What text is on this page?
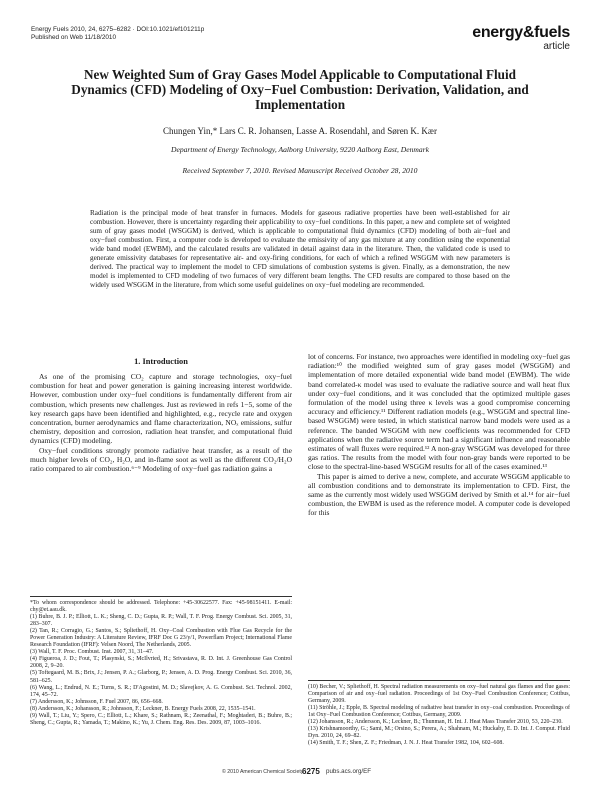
Energy Fuels 2010, 24, 6275–6282 · DOI:10.1021/ef101211p
Published on Web 11/18/2010	energy&fuels
article
New Weighted Sum of Gray Gases Model Applicable to Computational Fluid Dynamics (CFD) Modeling of Oxy−Fuel Combustion: Derivation, Validation, and Implementation
Chungen Yin,* Lars C. R. Johansen, Lasse A. Rosendahl, and Søren K. Kær
Department of Energy Technology, Aalborg University, 9220 Aalborg East, Denmark
Received September 7, 2010. Revised Manuscript Received October 28, 2010
Radiation is the principal mode of heat transfer in furnaces. Models for gaseous radiative properties have been well-established for air combustion. However, there is uncertainty regarding their applicability to oxy−fuel conditions. In this paper, a new and complete set of weighted sum of gray gases model (WSGGM) is derived, which is applicable to computational fluid dynamics (CFD) modeling of both air−fuel and oxy−fuel combustion. First, a computer code is developed to evaluate the emissivity of any gas mixture at any condition using the exponential wide band model (EWBM), and the calculated results are validated in detail against data in the literature. Then, the validated code is used to generate emissivity databases for representative air- and oxy-firing conditions, for each of which a refined WSGGM with new parameters is derived. The practical way to implement the model to CFD simulations of combustion systems is given. Finally, as a demonstration, the new model is implemented to CFD modeling of two furnaces of very different beam lengths. The CFD results are compared to those based on the widely used WSGGM in the literature, from which some useful guidelines on oxy−fuel modeling are recommended.
1. Introduction

As one of the promising CO₂ capture and storage technologies, oxy−fuel combustion for heat and power generation is gaining increasing interest worldwide. However, combustion under oxy−fuel conditions is fundamentally different from air combustion, which presents new challenges. Just as reviewed in refs 1−5, some of the key research gaps have been identified and highlighted, e.g., recycle rate and oxygen concentration, burner aerodynamics and flame characterization, NOₓ emissions, sulfur chemistry, deposition and corrosion, radiation heat transfer, and computational fluid dynamics (CFD) modeling.

Oxy−fuel conditions strongly promote radiative heat transfer, as a result of the much higher levels of CO₂, H₂O, and in-flame soot as well as the different CO₂/H₂O ratio compared to air combustion.⁶⁻⁹ Modeling of oxy−fuel gas radiation gains a

lot of concerns. For instance, two approaches were identified in modeling oxy−fuel gas radiation:¹⁰ the modified weighted sum of gray gases model (WSGGM) and implementation of more detailed exponential wide band model (EWBM). The wide band correlated-κ model was used to evaluate the radiative source and wall heat flux under oxy−fuel conditions, and it was concluded that the optimized multiple gases formulation of the model using three κ levels was a good compromise concerning accuracy and efficiency.¹¹ Different radiation models (e.g., WSGGM and spectral line-based WSGGM) were tested, in which statistical narrow band models were used as a reference. The banded WSGGM with new coefficients was recommended for CFD applications when the radiative source term had a significant influence and reasonable estimates of wall fluxes were required.¹² A non-gray WSGGM was developed for three gas ratios. The results from the model with four non-gray bands were reported to be close to the spectral-line-based WSGGM results for all of the cases examined.¹³

This paper is aimed to derive a new, complete, and accurate WSGGM applicable to all combustion conditions and to demonstrate its implementation to CFD. First, the same as the currently most widely used WSGGM derived by Smith et al.¹⁴ for air−fuel combustion, the EWBM is used as the reference model. A computer code is developed for this

*To whom correspondence should be addressed. Telephone: +45-30622577. Fax: +45-98151411. E-mail: chy@et.aau.dk.

(1) Buhre, B. J. P.; Elliott, L. K.; Sheng, C. D.; Gupta, R. P.; Wall, T. F. Prog. Energy Combust. Sci. 2005, 31, 283–307.

(2) Tan, R.; Corragio, G.; Santos, S.; Spliethoff, H. Oxy−Coal Combustion with Flue Gas Recycle for the Power Generation Industry: A Literature Review, IFRF Doc G 23/y/1, Powerflam Project; International Flame Research Foundation (IFRF): Velsen Noord, The Netherlands, 2005.

(3) Wall, T. F. Proc. Combust. Inst. 2007, 31, 31–47.

(4) Figueroa, J. D.; Fout, T.; Plasynski, S.; McIlvried, H.; Srivastava, R. D. Int. J. Greenhouse Gas Control 2008, 2, 9–20.

(5) Toftegaard, M. B.; Brix, J.; Jensen, P. A.; Glarborg, P.; Jensen, A. D. Prog. Energy Combust. Sci. 2010, 36, 581–625.

(6) Wang, L.; Endrud, N. E.; Turns, S. R.; D'Agostini, M. D.; Slavejkov, A. G. Combust. Sci. Technol. 2002, 174, 45–72.

(7) Andersson, K.; Johnsson, F. Fuel 2007, 86, 656–668.

(8) Andersson, K.; Johansson, R.; Johnsson, F.; Leckner, B. Energy Fuels 2008, 22, 1535–1541.

(9) Wall, T.; Liu, Y.; Spero, C.; Elliott, L.; Khare, S.; Rathnam, R.; Zeenathal, F.; Moghtaderi, B.; Buhre, B.; Sheng, C.; Gupta, R.; Yamada, T.; Makino, K.; Yu, J. Chem. Eng. Res. Des. 2009, 87, 1003–1016.

(10) Becher, V.; Spliethoff, H. Spectral radiation measurements on oxy−fuel natural gas flames and flue gases: Comparison of air and oxy−fuel radiation. Proceedings of 1st Oxy−Fuel Combustion Conference; Cottbus, Germany, 2009.

(11) Ströhle, J.; Epple, B. Spectral modeling of radiative heat transfer in oxy−coal combustion. Proceedings of 1st Oxy−Fuel Combustion Conference; Cottbus, Germany, 2009.

(12) Johansson, R.; Andersson, K.; Leckner, B.; Thunman, H. Int. J. Heat Mass Transfer 2010, 53, 220–230.

(13) Krishnamoorthy, G.; Sami, M.; Orsino, S.; Perera, A.; Shahnam, M.; Huckaby, E. D. Int. J. Comput. Fluid Dyn. 2010, 24, 69–82.

(14) Smith, T. F.; Shen, Z. F.; Friedman, J. N. J. Heat Transfer 1982, 104, 602–608.

© 2010 American Chemical Society
6275 pubs.acs.org/EF
